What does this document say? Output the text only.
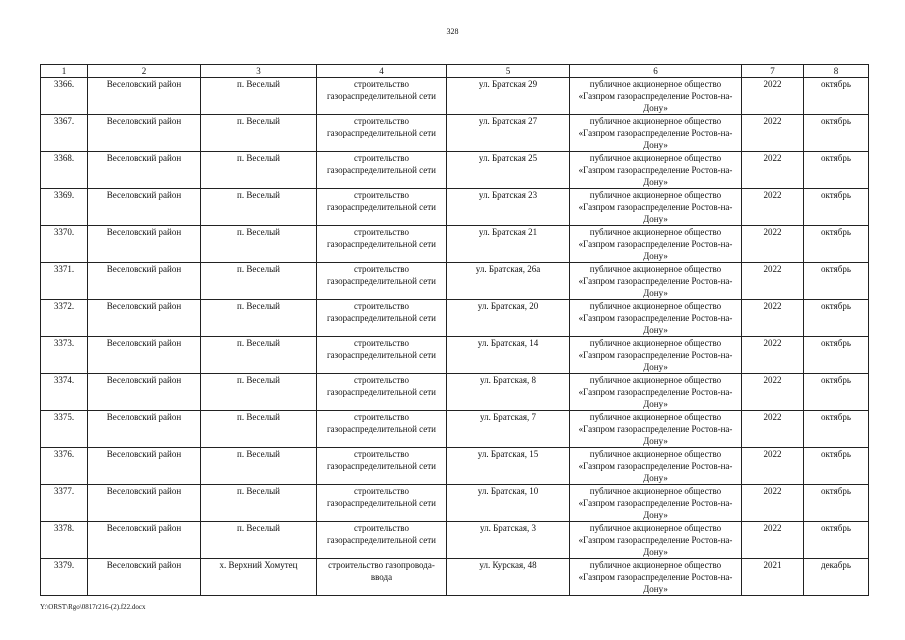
328
1	2	3	4	5	6	7	8
3366.	Веселовский район	п. Веселый	строительство газораспределительной сети	ул. Братская 29	публичное акционерное общество «Газпром газораспределение Ростов-на-Дону»	2022	октябрь
3367.	Веселовский район	п. Веселый	строительство газораспределительной сети	ул. Братская 27	публичное акционерное общество «Газпром газораспределение Ростов-на-Дону»	2022	октябрь
3368.	Веселовский район	п. Веселый	строительство газораспределительной сети	ул. Братская 25	публичное акционерное общество «Газпром газораспределение Ростов-на-Дону»	2022	октябрь
3369.	Веселовский район	п. Веселый	строительство газораспределительной сети	ул. Братская 23	публичное акционерное общество «Газпром газораспределение Ростов-на-Дону»	2022	октябрь
3370.	Веселовский район	п. Веселый	строительство газораспределительной сети	ул. Братская 21	публичное акционерное общество «Газпром газораспределение Ростов-на-Дону»	2022	октябрь
3371.	Веселовский район	п. Веселый	строительство газораспределительной сети	ул. Братская, 26а	публичное акционерное общество «Газпром газораспределение Ростов-на-Дону»	2022	октябрь
3372.	Веселовский район	п. Веселый	строительство газораспределительной сети	ул. Братская, 20	публичное акционерное общество «Газпром газораспределение Ростов-на-Дону»	2022	октябрь
3373.	Веселовский район	п. Веселый	строительство газораспределительной сети	ул. Братская, 14	публичное акционерное общество «Газпром газораспределение Ростов-на-Дону»	2022	октябрь
3374.	Веселовский район	п. Веселый	строительство газораспределительной сети	ул. Братская, 8	публичное акционерное общество «Газпром газораспределение Ростов-на-Дону»	2022	октябрь
3375.	Веселовский район	п. Веселый	строительство газораспределительной сети	ул. Братская, 7	публичное акционерное общество «Газпром газораспределение Ростов-на-Дону»	2022	октябрь
3376.	Веселовский район	п. Веселый	строительство газораспределительной сети	ул. Братская, 15	публичное акционерное общество «Газпром газораспределение Ростов-на-Дону»	2022	октябрь
3377.	Веселовский район	п. Веселый	строительство газораспределительной сети	ул. Братская, 10	публичное акционерное общество «Газпром газораспределение Ростов-на-Дону»	2022	октябрь
3378.	Веселовский район	п. Веселый	строительство газораспределительной сети	ул. Братская, 3	публичное акционерное общество «Газпром газораспределение Ростов-на-Дону»	2022	октябрь
3379.	Веселовский район	х. Верхний Хомутец	строительство газопровода-ввода	ул. Курская, 48	публичное акционерное общество «Газпром газораспределение Ростов-на-Дону»	2021	декабрь
Y:\ORST\Rgo\0817r216-(2).f22.docx
